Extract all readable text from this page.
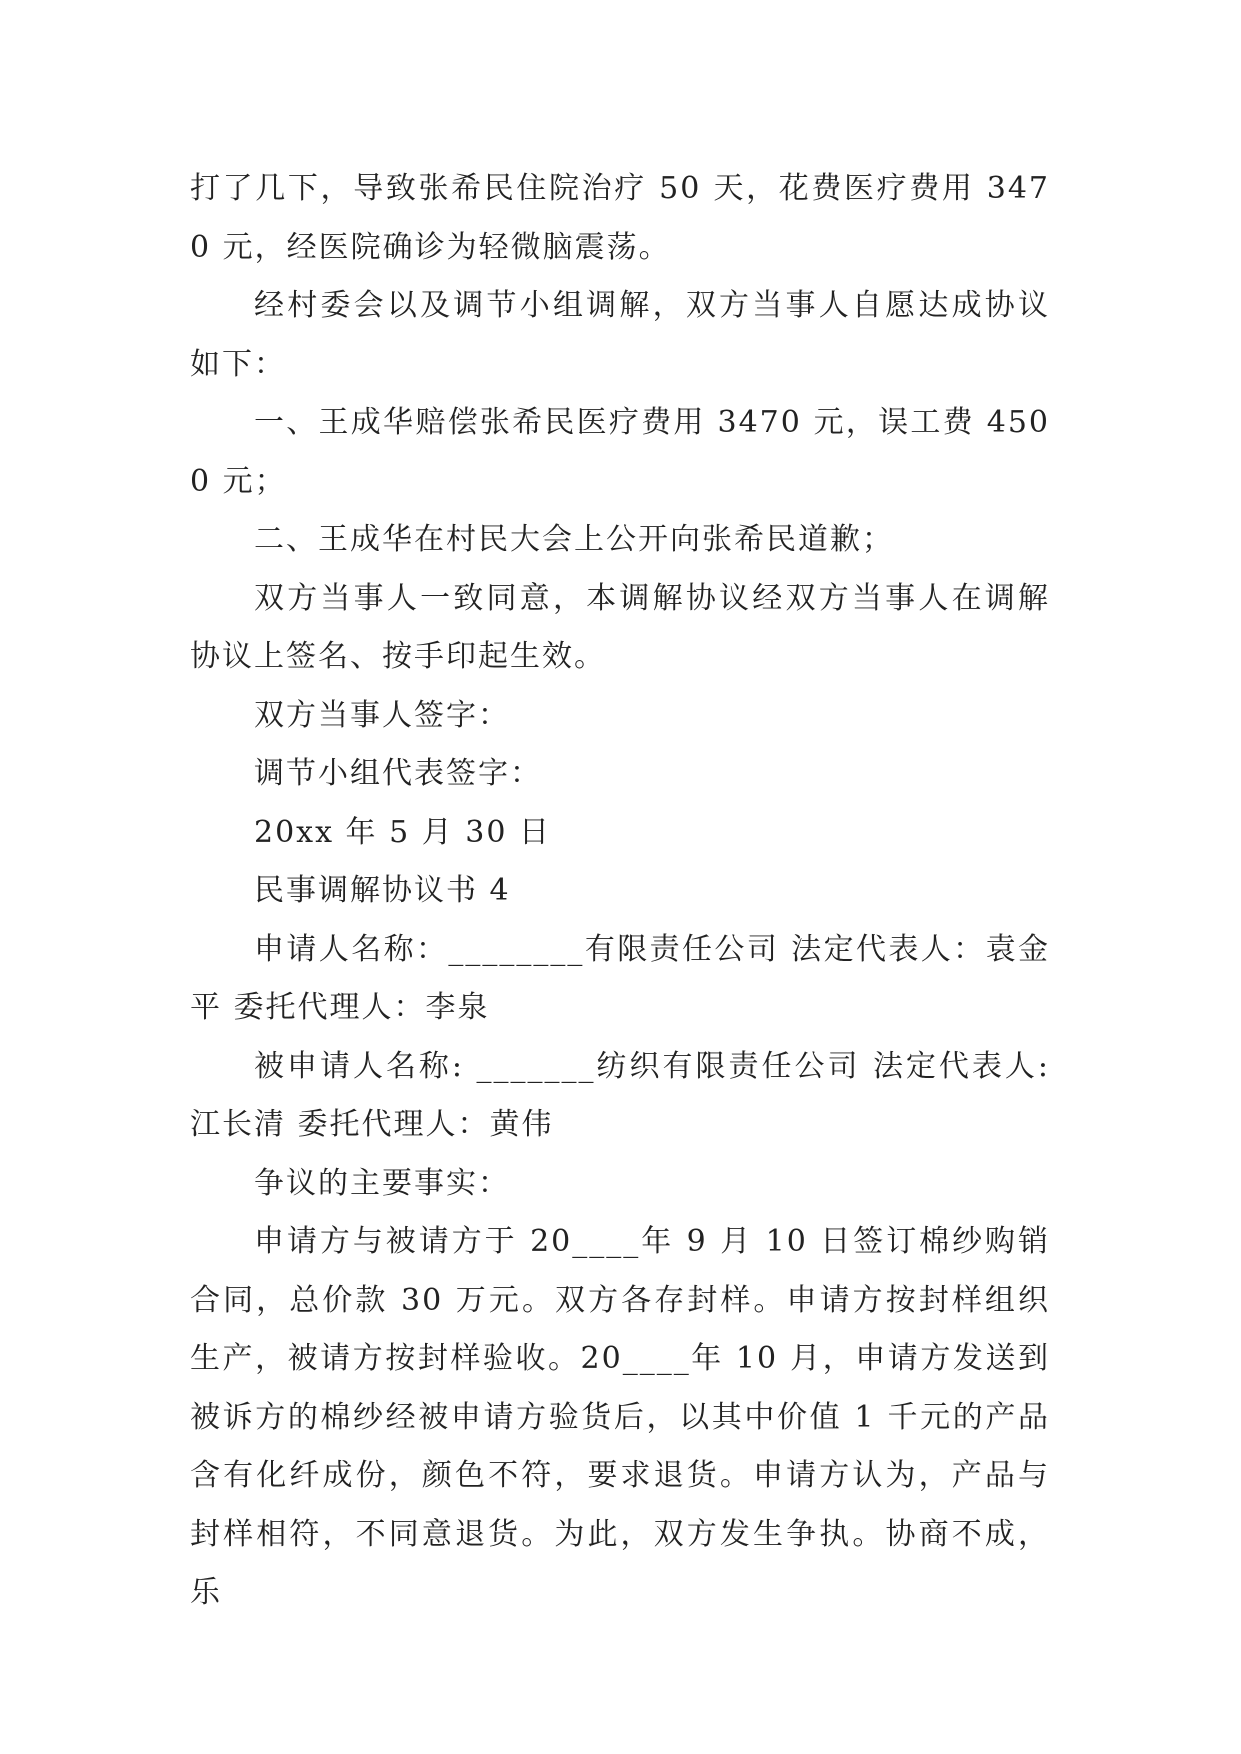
打了几下，导致张希民住院治疗 50 天，花费医疗费用 3470 元，经医院确诊为轻微脑震荡。

经村委会以及调节小组调解，双方当事人自愿达成协议如下：

一、王成华赔偿张希民医疗费用 3470 元，误工费 4500 元；

二、王成华在村民大会上公开向张希民道歉；

双方当事人一致同意，本调解协议经双方当事人在调解协议上签名、按手印起生效。

双方当事人签字：

调节小组代表签字：

20xx 年 5 月 30 日

民事调解协议书 4

申请人名称：________有限责任公司 法定代表人：袁金平 委托代理人：李泉

被申请人名称: _______纺织有限责任公司 法定代表人: 江长清 委托代理人：黄伟

争议的主要事实：

申请方与被请方于 20____年 9 月 10 日签订棉纱购销合同，总价款 30 万元。双方各存封样。申请方按封样组织生产，被请方按封样验收。20____年 10 月，申请方发送到被诉方的棉纱经被申请方验货后，以其中价值 1 千元的产品含有化纤成份，颜色不符，要求退货。申请方认为，产品与封样相符，不同意退货。为此，双方发生争执。协商不成，乐
